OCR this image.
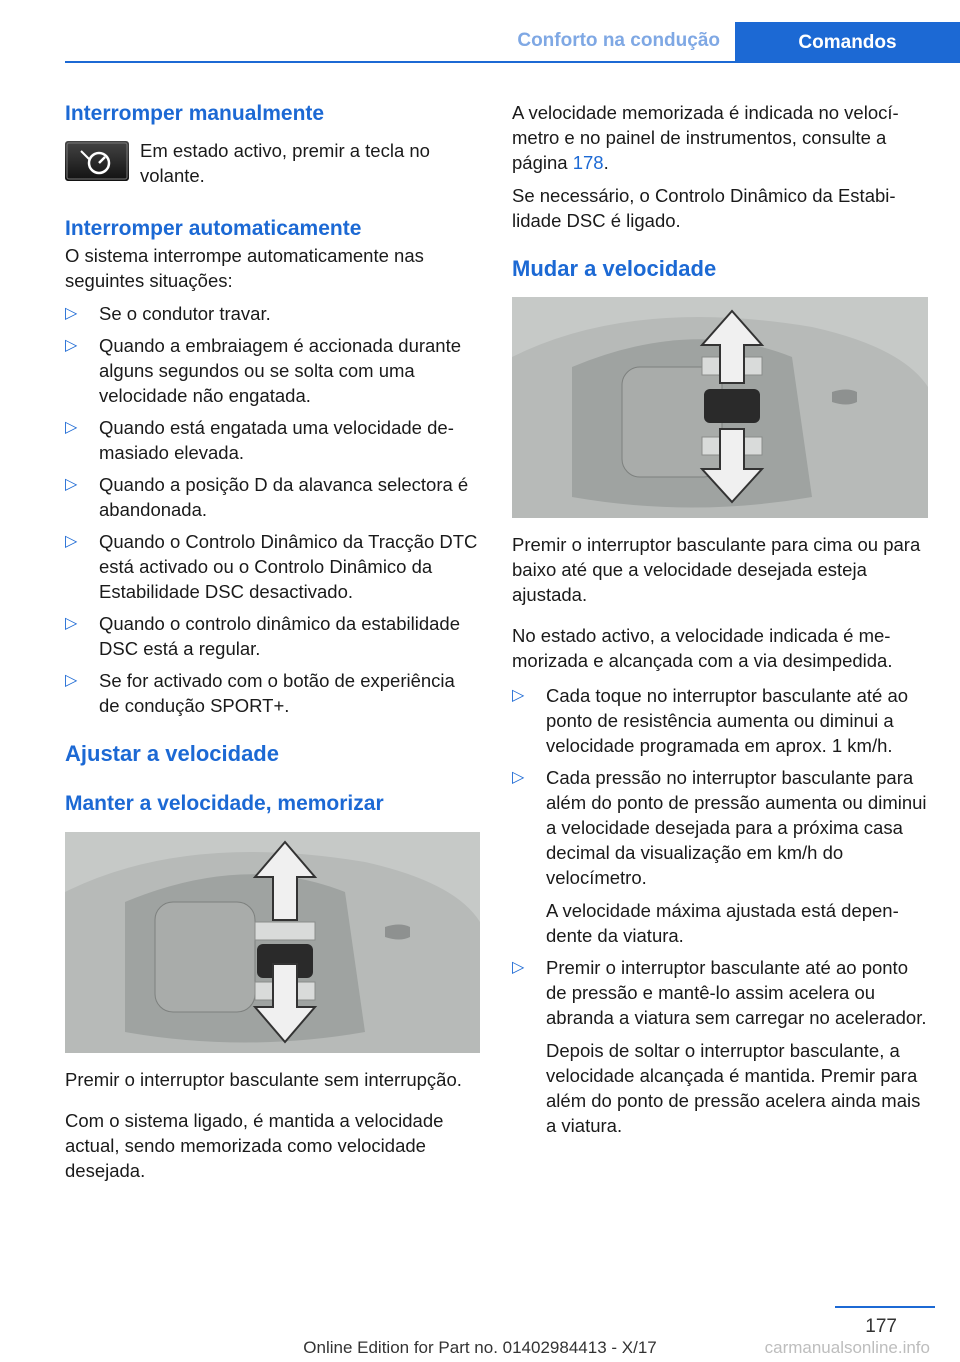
Conforto na condução	Comandos
Interromper manualmente

Em estado activo, premir a tecla no volante.

Interromper automaticamente

O sistema interrompe automaticamente nas seguintes situações:

▷ Se o condutor travar.
▷ Quando a embraiagem é accionada durante alguns segundos ou se solta com uma velocidade não engatada.
▷ Quando está engatada uma velocidade demasiado elevada.
▷ Quando a posição D da alavanca selectora é abandonada.
▷ Quando o Controlo Dinâmico da Tracção DTC está activado ou o Controlo Dinâmico da Estabilidade DSC desactivado.
▷ Quando o controlo dinâmico da estabilidade DSC está a regular.
▷ Se for activado com o botão de experiência de condução SPORT+.
Ajustar a velocidade
Manter a velocidade, memorizar

Premir o interruptor basculante sem interrupção.

Com o sistema ligado, é mantida a velocidade actual, sendo memorizada como velocidade desejada.

A velocidade memorizada é indicada no velocímetro e no painel de instrumentos, consulte a página 178.

Se necessário, o Controlo Dinâmico da Estabilidade DSC é ligado.

Mudar a velocidade

Premir o interruptor basculante para cima ou para baixo até que a velocidade desejada esteja ajustada.

No estado activo, a velocidade indicada é memorizada e alcançada com a via desimpedida.

▷ Cada toque no interruptor basculante até ao ponto de resistência aumenta ou diminui a velocidade programada em aprox. 1 km/h.
▷ Cada pressão no interruptor basculante para além do ponto de pressão aumenta ou diminui a velocidade desejada para a próxima casa decimal da visualização em km/h do velocímetro.
A velocidade máxima ajustada está dependente da viatura.
▷ Premir o interruptor basculante até ao ponto de pressão e mantê-lo assim acelera ou abranda a viatura sem carregar no acelerador.
Depois de soltar o interruptor basculante, a velocidade alcançada é mantida. Premir para além do ponto de pressão acelera ainda mais a viatura.
177
Online Edition for Part no. 01402984413 - X/17	carmanualsonline.info
